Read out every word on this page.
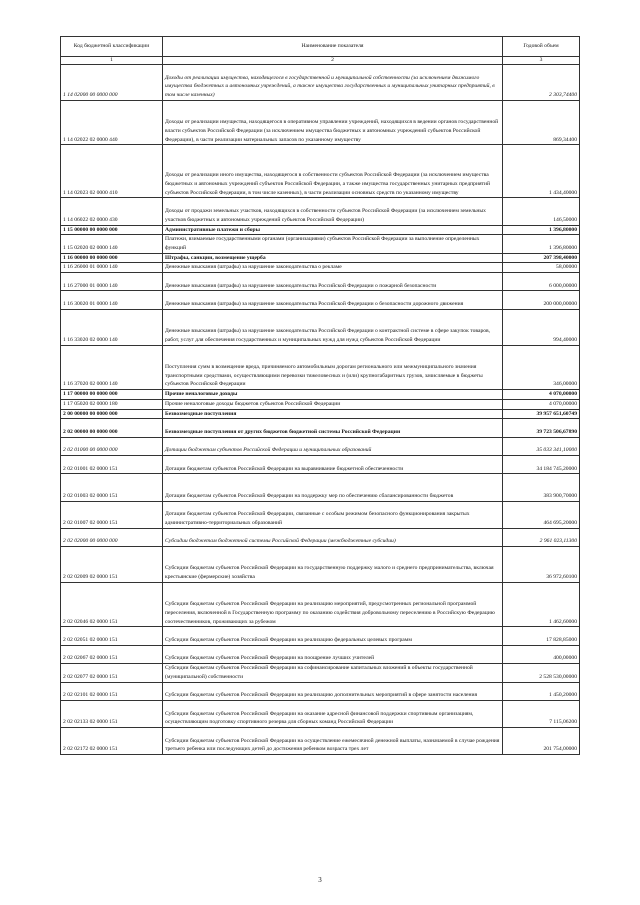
Код бюджетной классификации	Наименование показателя	Годовой объем
1	2	3
1 14 02000 00 0000 000	Доходы от реализации имущества, находящегося в государственной и муниципальной собственности (за исключением движимого имущества бюджетных и автономных учреждений, а также имущества государственных и муниципальных унитарных предприятий, в том числе казенных)	2 303,74400
1 14 02022 02 0000 440	Доходы от реализации имущества, находящегося в оперативном управлении учреждений, находящихся в ведении органов государственной власти субъектов Российской Федерации (за исключением имущества бюджетных и автономных учреждений субъектов Российской Федерации), в части реализации материальных запасов по указанному имуществу	869,34400
1 14 02023 02 0000 410	Доходы от реализации иного имущества, находящегося в собственности субъектов Российской Федерации (за исключением имущества бюджетных и автономных учреждений субъектов Российской Федерации, а также имущества государственных унитарных предприятий субъектов Российской Федерации, в том числе казенных), в части реализации основных средств по указанному имуществу	1 434,40000
1 14 06022 02 0000 430	Доходы от продажи земельных участков, находящихся в собственности субъектов Российской Федерации (за исключением земельных участков бюджетных и автономных учреждений субъектов Российской Федерации)	146,50000
1 15 00000 00 0000 000	Административные платежи и сборы	1 396,80000
1 15 02020 02 0000 140	Платежи, взимаемые государственными органами (организациями) субъектов Российской Федерации за выполнение определенных функций	1 396,80000
1 16 00000 00 0000 000	Штрафы, санкции, возмещение ущерба	207 398,40000
1 16 26000 01 0000 140	Денежные взыскания (штрафы) за нарушение законодательства о рекламе	58,00000
1 16 27000 01 0000 140	Денежные взыскания (штрафы) за нарушение законодательства Российской Федерации о пожарной безопасности	6 000,00000
1 16 30020 01 0000 140	Денежные взыскания (штрафы) за нарушение законодательства Российской Федерации о безопасности дорожного движения	200 000,00000
1 16 33020 02 0000 140	Денежные взыскания (штрафы) за нарушение законодательства Российской Федерации о контрактной системе в сфере закупок товаров, работ, услуг для обеспечения государственных и муниципальных нужд для нужд субъектов Российской Федерации	994,40000
1 16 37020 02 0000 140	Поступления сумм в возмещение вреда, причиняемого автомобильным дорогам регионального или межмуниципального значения транспортными средствами, осуществляющими перевозки тяжеловесных и (или) крупногабаритных грузов, зачисляемые в бюджеты субъектов Российской Федерации	346,00000
1 17 00000 00 0000 000	Прочие неналоговые доходы	4 070,00000
1 17 05020 02 0000 180	Прочие неналоговые доходы бюджетов субъектов Российской Федерации	4 070,00000
2 00 00000 00 0000 000	Безвозмездные поступления	39 957 651,60749
2 02 00000 00 0000 000	Безвозмездные поступления от других бюджетов бюджетной системы Российской Федерации	39 723 506,67890
2 02 01000 00 0000 000	Дотации бюджетам субъектов Российской Федерации и муниципальных образований	35 033 341,10000
2 02 01001 02 0000 151	Дотации бюджетам субъектов Российской Федерации на выравнивание бюджетной обеспеченности	34 184 745,20000
2 02 01003 02 0000 151	Дотации бюджетам субъектов Российской Федерации на поддержку мер по обеспечению сбалансированности бюджетов	383 900,70000
2 02 01007 02 0000 151	Дотации бюджетам субъектов Российской Федерации, связанные с особым режимом безопасного функционирования закрытых административно-территориальных образований	464 695,20000
2 02 02000 00 0000 000	Субсидии бюджетам бюджетной системы Российской Федерации (межбюджетные субсидии)	2 961 023,11300
2 02 02009 02 0000 151	Субсидии бюджетам субъектов Российской Федерации на государственную поддержку малого и среднего предпринимательства, включая крестьянские (фермерские) хозяйства	36 972,60100
2 02 02046 02 0000 151	Субсидии бюджетам субъектов Российской Федерации на реализацию мероприятий, предусмотренных региональной программой переселения, включенной в Государственную программу по оказанию содействия добровольному переселению в Российскую Федерацию соотечественников, проживающих за рубежом	1 462,60000
2 02 02051 02 0000 151	Субсидии бюджетам субъектов Российской Федерации на реализацию федеральных целевых программ	17 828,85000
2 02 02067 02 0000 151	Субсидии бюджетам субъектов Российской Федерации на поощрение лучших учителей	400,00000
2 02 02077 02 0000 151	Субсидии бюджетам субъектов Российской Федерации на софинансирование капитальных вложений в объекты государственной (муниципальной) собственности	2 528 530,00000
2 02 02101 02 0000 151	Субсидии бюджетам субъектов Российской Федерации на реализацию дополнительных мероприятий в сфере занятости населения	1 450,20000
2 02 02133 02 0000 151	Субсидии бюджетам субъектов Российской Федерации на оказание адресной финансовой поддержки спортивным организациям, осуществляющим подготовку спортивного резерва для сборных команд Российской Федерации	7 115,06200
2 02 02172 02 0000 151	Субсидии бюджетам субъектов Российской Федерации на осуществление ежемесячной денежной выплаты, назначаемой в случае рождения третьего ребенка или последующих детей до достижения ребенком возраста трех лет	201 754,00000
3
